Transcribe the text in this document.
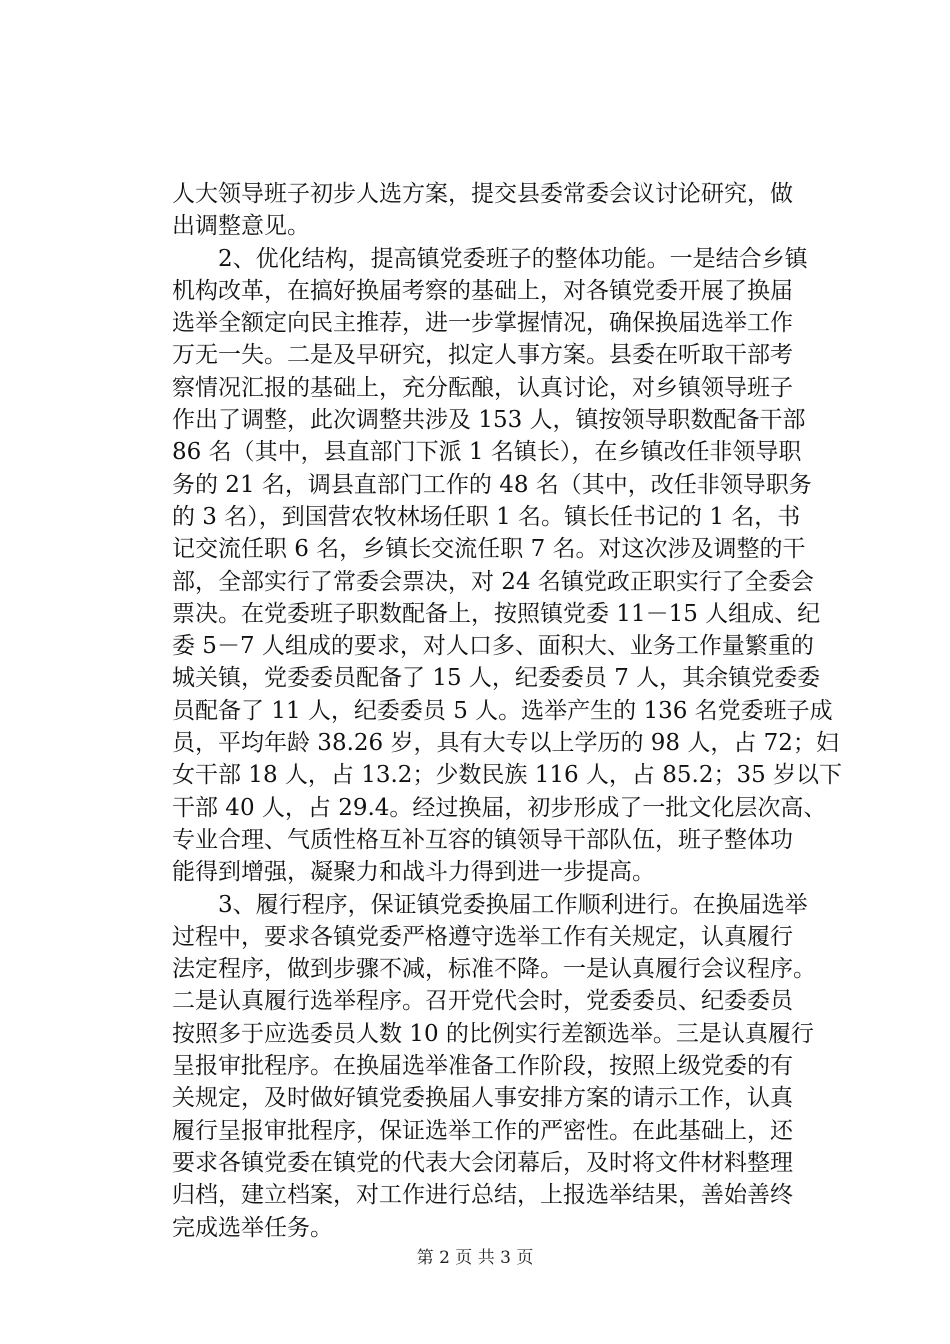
人大领导班子初步人选方案，提交县委常委会议讨论研究，做
出调整意见。
2、优化结构，提高镇党委班子的整体功能。一是结合乡镇
机构改革，在搞好换届考察的基础上，对各镇党委开展了换届
选举全额定向民主推荐，进一步掌握情况，确保换届选举工作
万无一失。二是及早研究，拟定人事方案。县委在听取干部考
察情况汇报的基础上，充分酝酿，认真讨论，对乡镇领导班子
作出了调整，此次调整共涉及 153 人，镇按领导职数配备干部
86 名（其中，县直部门下派 1 名镇长），在乡镇改任非领导职
务的 21 名，调县直部门工作的 48 名（其中，改任非领导职务
的 3 名），到国营农牧林场任职 1 名。镇长任书记的 1 名，书
记交流任职 6 名，乡镇长交流任职 7 名。对这次涉及调整的干
部，全部实行了常委会票决，对 24 名镇党政正职实行了全委会
票决。在党委班子职数配备上，按照镇党委 11－15 人组成、纪
委 5－7 人组成的要求，对人口多、面积大、业务工作量繁重的
城关镇，党委委员配备了 15 人，纪委委员 7 人，其余镇党委委
员配备了 11 人，纪委委员 5 人。选举产生的 136 名党委班子成
员，平均年龄 38.26 岁，具有大专以上学历的 98 人，占 72；妇
女干部 18 人，占 13.2；少数民族 116 人，占 85.2；35 岁以下
干部 40 人，占 29.4。经过换届，初步形成了一批文化层次高、
专业合理、气质性格互补互容的镇领导干部队伍，班子整体功
能得到增强，凝聚力和战斗力得到进一步提高。
3、履行程序，保证镇党委换届工作顺利进行。在换届选举
过程中，要求各镇党委严格遵守选举工作有关规定，认真履行
法定程序，做到步骤不减，标准不降。一是认真履行会议程序。
二是认真履行选举程序。召开党代会时，党委委员、纪委委员
按照多于应选委员人数 10 的比例实行差额选举。三是认真履行
呈报审批程序。在换届选举准备工作阶段，按照上级党委的有
关规定，及时做好镇党委换届人事安排方案的请示工作，认真
履行呈报审批程序，保证选举工作的严密性。在此基础上，还
要求各镇党委在镇党的代表大会闭幕后，及时将文件材料整理
归档，建立档案，对工作进行总结，上报选举结果，善始善终
完成选举任务。
第 2 页 共 3 页
